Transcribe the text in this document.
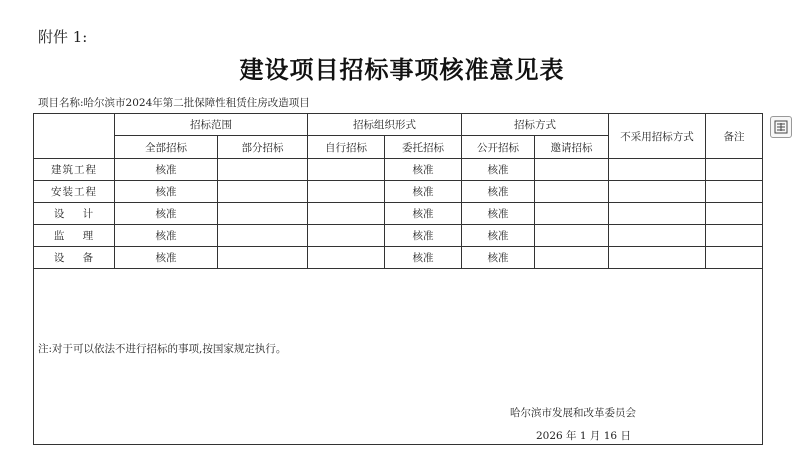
附件 1:
建设项目招标事项核准意见表
项目名称:哈尔滨市2024年第二批保障性租赁住房改造项目
	招标范围		招标组织形式		招标方式		不采用招标方式	备注
	全部招标	部分招标	自行招标	委托招标	公开招标	邀请招标		
建筑工程	核准			核准	核准			
安装工程	核准			核准	核准			
设    计	核准			核准	核准			
监    理	核准			核准	核准			
设    备	核准			核准	核准			

注:对于可以依法不进行招标的事项,按国家规定执行。
哈尔滨市发展和改革委员会
2026 年 1 月 16 日								
